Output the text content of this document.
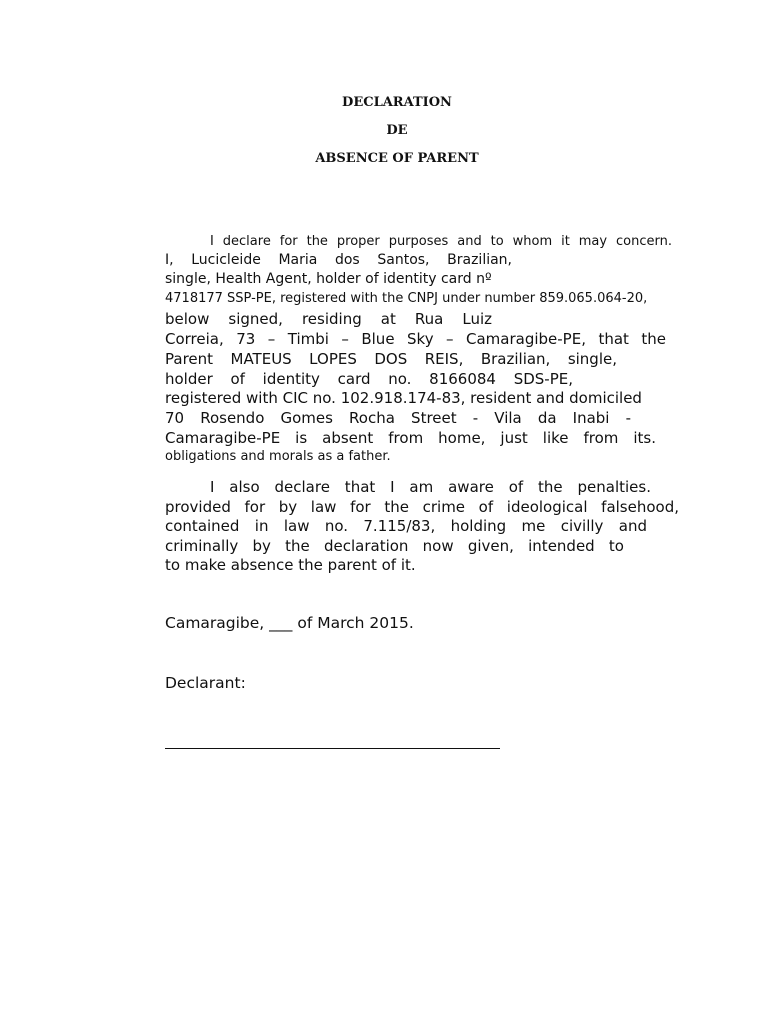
DECLARATION
DE
ABSENCE OF PARENT
I declare for the proper purposes and to whom it may concern.
I, Lucicleide Maria dos Santos, Brazilian,
single, Health Agent, holder of identity card nº
4718177 SSP-PE, registered with the CNPJ under number 859.065.064-20,
below signed, residing at Rua Luiz
Correia, 73 – Timbi – Blue Sky – Camaragibe-PE, that the
Parent MATEUS LOPES DOS REIS, Brazilian, single,
holder of identity card no. 8166084 SDS-PE,
registered with CIC no. 102.918.174-83, resident and domiciled
70 Rosendo Gomes Rocha Street - Vila da Inabi -
Camaragibe-PE is absent from home, just like from its.
obligations and morals as a father.
I also declare that I am aware of the penalties.
provided for by law for the crime of ideological falsehood,
contained in law no. 7.115/83, holding me civilly and
criminally by the declaration now given, intended to
to make absence the parent of it.
Camaragibe, ___ of March 2015.
Declarant:
